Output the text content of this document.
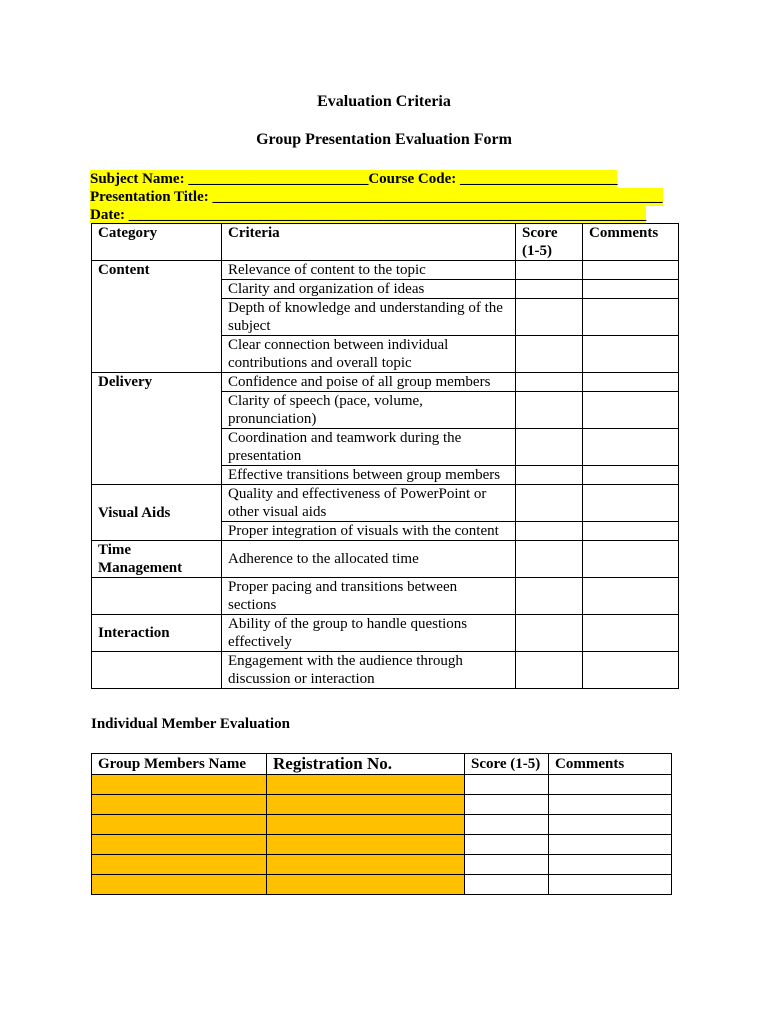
Evaluation Criteria
Group Presentation Evaluation Form
Subject Name: ________________________Course Code: _____________________
Presentation Title: ____________________________________________________________
Date: _____________________________________________________________________
Category	Criteria	Score (1-5)	Comments
Content	Relevance of content to the topic		
	Clarity and organization of ideas		
	Depth of knowledge and understanding of the subject		
	Clear connection between individual contributions and overall topic		
Delivery	Confidence and poise of all group members		
	Clarity of speech (pace, volume, pronunciation)		
	Coordination and teamwork during the presentation		
	Effective transitions between group members		
Visual Aids	Quality and effectiveness of PowerPoint or other visual aids		
	Proper integration of visuals with the content		
Time Management	Adherence to the allocated time		
	Proper pacing and transitions between sections		
Interaction	Ability of the group to handle questions effectively		
	Engagement with the audience through discussion or interaction		
Individual Member Evaluation
Group Members Name	Registration No.	Score (1-5)	Comments
